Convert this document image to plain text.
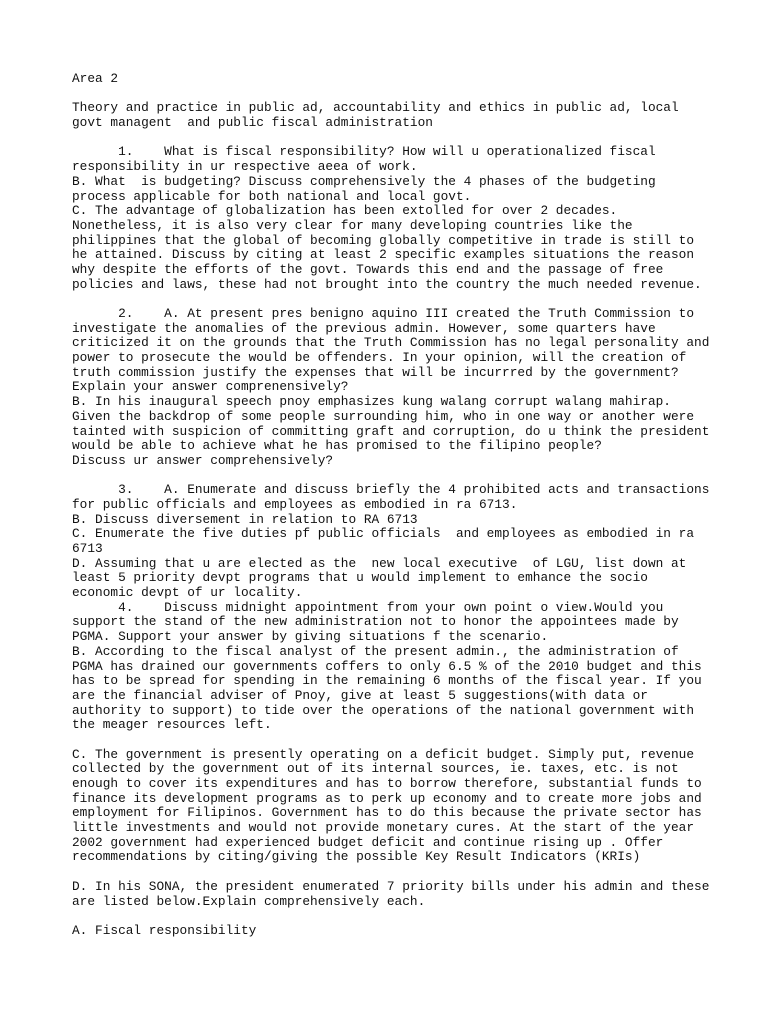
Area 2
Theory and practice in public ad, accountability and ethics in public ad, local
govt managent  and public fiscal administration
1.    What is fiscal responsibility? How will u operationalized fiscal
responsibility in ur respective aeea of work.
B. What  is budgeting? Discuss comprehensively the 4 phases of the budgeting
process applicable for both national and local govt.
C. The advantage of globalization has been extolled for over 2 decades.
Nonetheless, it is also very clear for many developing countries like the
philippines that the global of becoming globally competitive in trade is still to
he attained. Discuss by citing at least 2 specific examples situations the reason
why despite the efforts of the govt. Towards this end and the passage of free
policies and laws, these had not brought into the country the much needed revenue.
2.    A. At present pres benigno aquino III created the Truth Commission to
investigate the anomalies of the previous admin. However, some quarters have
criticized it on the grounds that the Truth Commission has no legal personality and
power to prosecute the would be offenders. In your opinion, will the creation of
truth commission justify the expenses that will be incurrred by the government?
Explain your answer comprenensively?
B. In his inaugural speech pnoy emphasizes kung walang corrupt walang mahirap.
Given the backdrop of some people surrounding him, who in one way or another were
tainted with suspicion of committing graft and corruption, do u think the president
would be able to achieve what he has promised to the filipino people?
Discuss ur answer comprehensively?
3.    A. Enumerate and discuss briefly the 4 prohibited acts and transactions
for public officials and employees as embodied in ra 6713.
B. Discuss diversement in relation to RA 6713
C. Enumerate the five duties pf public officials  and employees as embodied in ra
6713
D. Assuming that u are elected as the  new local executive  of LGU, list down at
least 5 priority devpt programs that u would implement to emhance the socio
economic devpt of ur locality.
4.    Discuss midnight appointment from your own point o view.Would you
support the stand of the new administration not to honor the appointees made by
PGMA. Support your answer by giving situations f the scenario.
B. According to the fiscal analyst of the present admin., the administration of
PGMA has drained our governments coffers to only 6.5 % of the 2010 budget and this
has to be spread for spending in the remaining 6 months of the fiscal year. If you
are the financial adviser of Pnoy, give at least 5 suggestions(with data or
authority to support) to tide over the operations of the national government with
the meager resources left.
C. The government is presently operating on a deficit budget. Simply put, revenue
collected by the government out of its internal sources, ie. taxes, etc. is not
enough to cover its expenditures and has to borrow therefore, substantial funds to
finance its development programs as to perk up economy and to create more jobs and
employment for Filipinos. Government has to do this because the private sector has
little investments and would not provide monetary cures. At the start of the year
2002 government had experienced budget deficit and continue rising up . Offer
recommendations by citing/giving the possible Key Result Indicators (KRIs)
D. In his SONA, the president enumerated 7 priority bills under his admin and these
are listed below.Explain comprehensively each.
A. Fiscal responsibility
